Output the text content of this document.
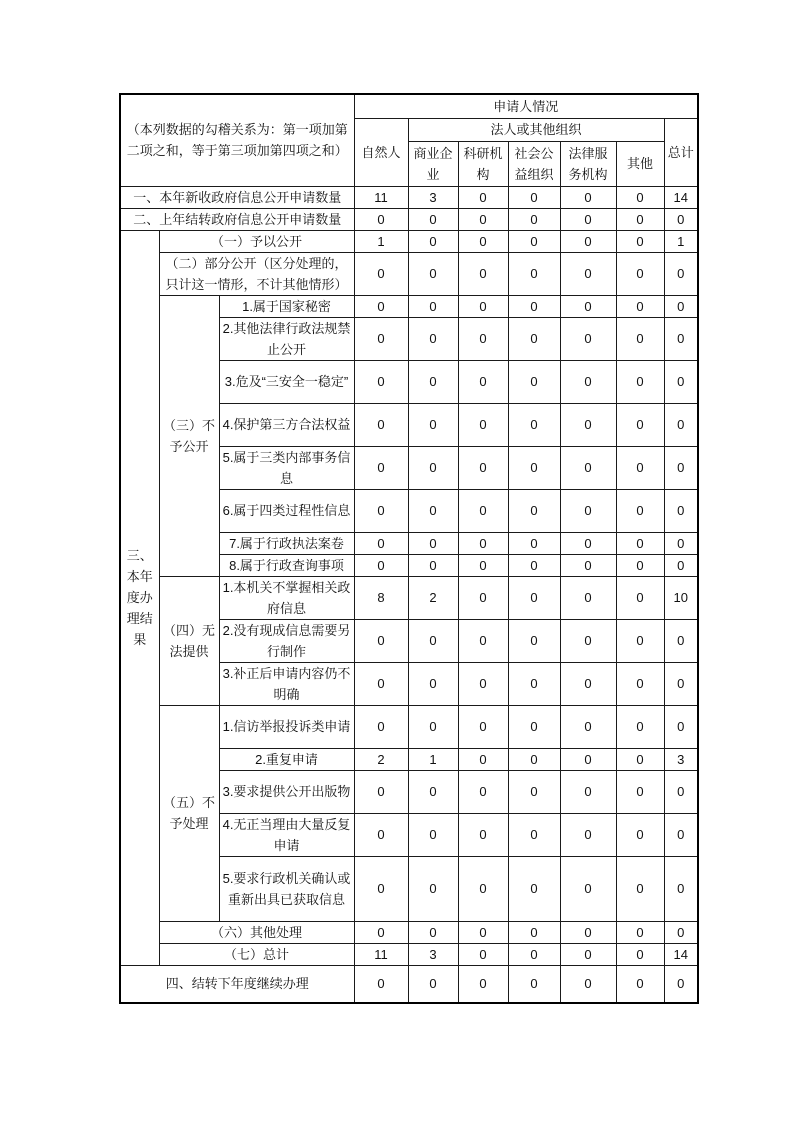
（本列数据的勾稽关系为：第一项加第二项之和，等于第三项加第四项之和）			申请人情况						
			自然人	法人或其他组织					总计
				商业企业	科研机构	社会公益组织	法律服务机构	其他	
一、本年新收政府信息公开申请数量			11	3	0	0	0	0	14
二、上年结转政府信息公开申请数量			0	0	0	0	0	0	0
三、本年度办理结果	（一）予以公开		1	0	0	0	0	0	1
	（二）部分公开（区分处理的，只计这一情形，不计其他情形）		0	0	0	0	0	0	0
	（三）不予公开	1.属于国家秘密	0	0	0	0	0	0	0
		2.其他法律行政法规禁止公开	0	0	0	0	0	0	0
		3.危及“三安全一稳定”	0	0	0	0	0	0	0
		4.保护第三方合法权益	0	0	0	0	0	0	0
		5.属于三类内部事务信息	0	0	0	0	0	0	0
		6.属于四类过程性信息	0	0	0	0	0	0	0
		7.属于行政执法案卷	0	0	0	0	0	0	0
		8.属于行政查询事项	0	0	0	0	0	0	0
	（四）无法提供	1.本机关不掌握相关政府信息	8	2	0	0	0	0	10
		2.没有现成信息需要另行制作	0	0	0	0	0	0	0
		3.补正后申请内容仍不明确	0	0	0	0	0	0	0
	（五）不予处理	1.信访举报投诉类申请	0	0	0	0	0	0	0
		2.重复申请	2	1	0	0	0	0	3
		3.要求提供公开出版物	0	0	0	0	0	0	0
		4.无正当理由大量反复申请	0	0	0	0	0	0	0
		5.要求行政机关确认或重新出具已获取信息	0	0	0	0	0	0	0
	（六）其他处理		0	0	0	0	0	0	0
	（七）总计		11	3	0	0	0	0	14
四、结转下年度继续办理			0	0	0	0	0	0	0
